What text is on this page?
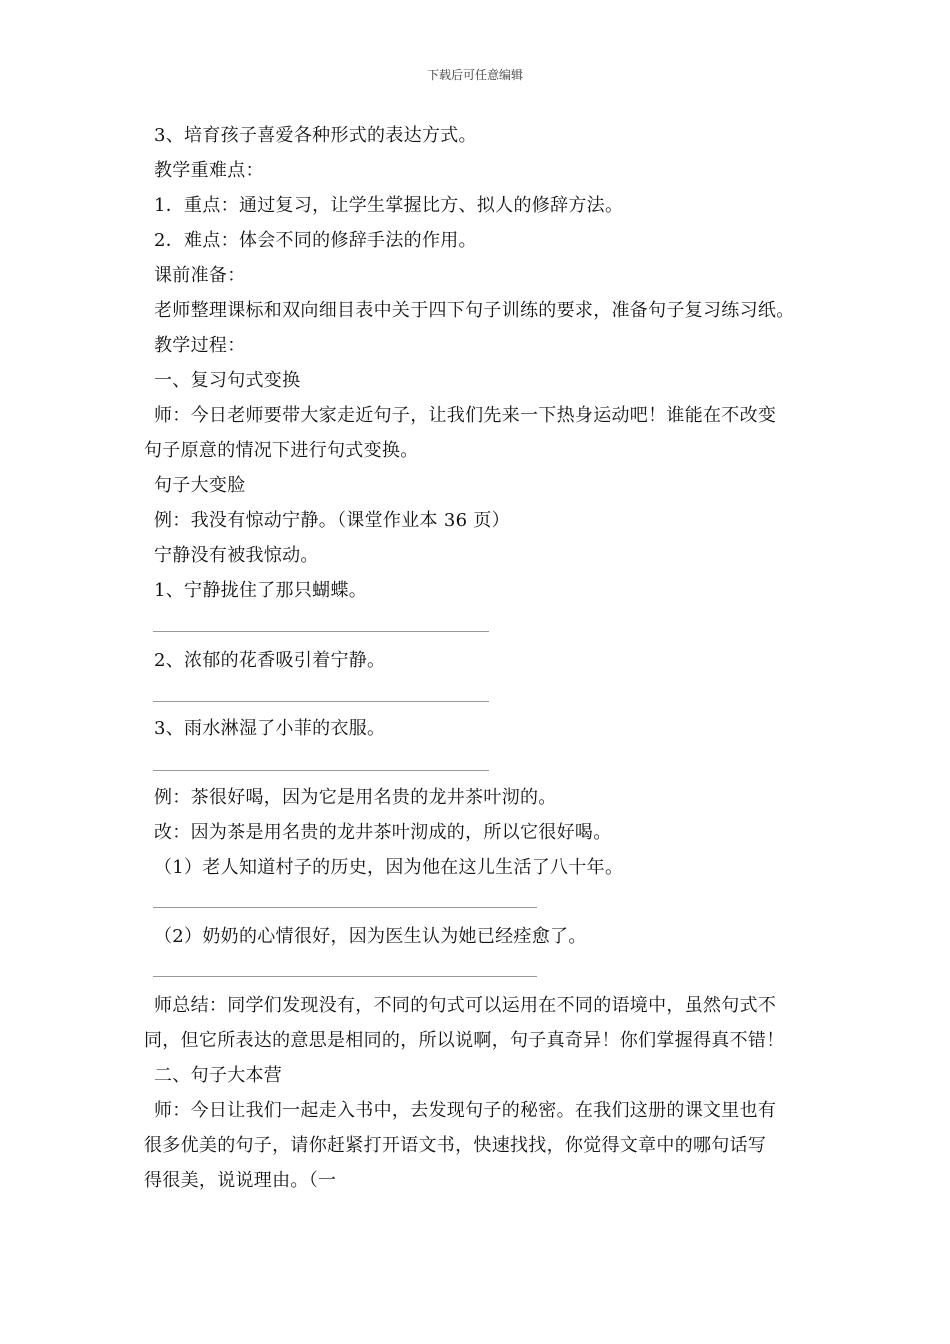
下载后可任意编辑
3、培育孩子喜爱各种形式的表达方式。
教学重难点：
1．重点：通过复习，让学生掌握比方、拟人的修辞方法。
2．难点：体会不同的修辞手法的作用。
课前准备：
老师整理课标和双向细目表中关于四下句子训练的要求，准备句子复习练习纸。
教学过程：
一、复习句式变换
师：今日老师要带大家走近句子，让我们先来一下热身运动吧！谁能在不改变
句子原意的情况下进行句式变换。
句子大变脸
例：我没有惊动宁静。（课堂作业本 36 页）
宁静没有被我惊动。
1、宁静拢住了那只蝴蝶。
2、浓郁的花香吸引着宁静。
3、雨水淋湿了小菲的衣服。
例：茶很好喝，因为它是用名贵的龙井茶叶沏的。
改：因为茶是用名贵的龙井茶叶沏成的，所以它很好喝。
（1）老人知道村子的历史，因为他在这儿生活了八十年。
（2）奶奶的心情很好，因为医生认为她已经痊愈了。
师总结：同学们发现没有，不同的句式可以运用在不同的语境中，虽然句式不
同，但它所表达的意思是相同的，所以说啊，句子真奇异！你们掌握得真不错！
二、句子大本营
师：今日让我们一起走入书中，去发现句子的秘密。在我们这册的课文里也有
很多优美的句子，请你赶紧打开语文书，快速找找，你觉得文章中的哪句话写
得很美，说说理由。（一
